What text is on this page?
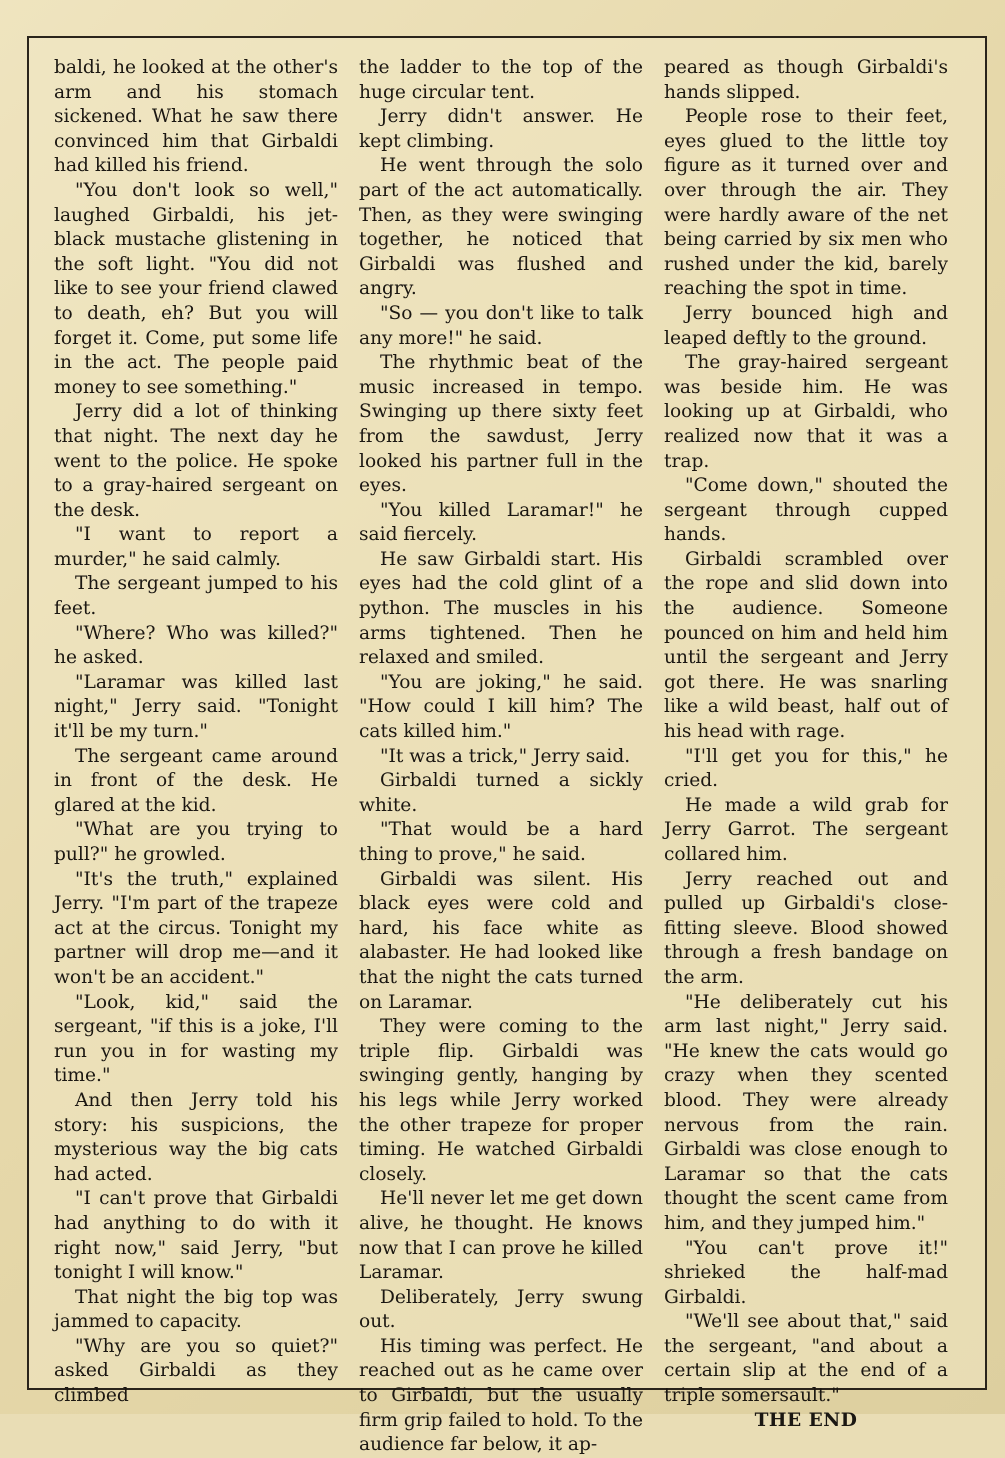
baldi, he looked at the other's arm and his stomach sickened. What he saw there convinced him that Girbaldi had killed his friend.

"You don't look so well," laughed Girbaldi, his jet-black mustache glistening in the soft light. "You did not like to see your friend clawed to death, eh? But you will forget it. Come, put some life in the act. The people paid money to see something."

Jerry did a lot of thinking that night. The next day he went to the police. He spoke to a gray-haired sergeant on the desk.

"I want to report a murder," he said calmly.

The sergeant jumped to his feet.

"Where? Who was killed?" he asked.

"Laramar was killed last night," Jerry said. "Tonight it'll be my turn."

The sergeant came around in front of the desk. He glared at the kid.

"What are you trying to pull?" he growled.

"It's the truth," explained Jerry. "I'm part of the trapeze act at the circus. Tonight my partner will drop me—and it won't be an accident."

"Look, kid," said the sergeant, "if this is a joke, I'll run you in for wasting my time."

And then Jerry told his story: his suspicions, the mysterious way the big cats had acted.

"I can't prove that Girbaldi had anything to do with it right now," said Jerry, "but tonight I will know."

That night the big top was jammed to capacity.

"Why are you so quiet?" asked Girbaldi as they climbed

the ladder to the top of the huge circular tent.

Jerry didn't answer. He kept climbing.

He went through the solo part of the act automatically. Then, as they were swinging together, he noticed that Girbaldi was flushed and angry.

"So — you don't like to talk any more!" he said.

The rhythmic beat of the music increased in tempo. Swinging up there sixty feet from the sawdust, Jerry looked his partner full in the eyes.

"You killed Laramar!" he said fiercely.

He saw Girbaldi start. His eyes had the cold glint of a python. The muscles in his arms tightened. Then he relaxed and smiled.

"You are joking," he said. "How could I kill him? The cats killed him."

"It was a trick," Jerry said.

Girbaldi turned a sickly white.

"That would be a hard thing to prove," he said.

Girbaldi was silent. His black eyes were cold and hard, his face white as alabaster. He had looked like that the night the cats turned on Laramar.

They were coming to the triple flip. Girbaldi was swinging gently, hanging by his legs while Jerry worked the other trapeze for proper timing. He watched Girbaldi closely.

He'll never let me get down alive, he thought. He knows now that I can prove he killed Laramar.

Deliberately, Jerry swung out.

His timing was perfect. He reached out as he came over to Girbaldi, but the usually firm grip failed to hold. To the audience far below, it ap-

peared as though Girbaldi's hands slipped.

People rose to their feet, eyes glued to the little toy figure as it turned over and over through the air. They were hardly aware of the net being carried by six men who rushed under the kid, barely reaching the spot in time.

Jerry bounced high and leaped deftly to the ground.

The gray-haired sergeant was beside him. He was looking up at Girbaldi, who realized now that it was a trap.

"Come down," shouted the sergeant through cupped hands.

Girbaldi scrambled over the rope and slid down into the audience. Someone pounced on him and held him until the sergeant and Jerry got there. He was snarling like a wild beast, half out of his head with rage.

"I'll get you for this," he cried.

He made a wild grab for Jerry Garrot. The sergeant collared him.

Jerry reached out and pulled up Girbaldi's close-fitting sleeve. Blood showed through a fresh bandage on the arm.

"He deliberately cut his arm last night," Jerry said. "He knew the cats would go crazy when they scented blood. They were already nervous from the rain. Girbaldi was close enough to Laramar so that the cats thought the scent came from him, and they jumped him."

"You can't prove it!" shrieked the half-mad Girbaldi.

"We'll see about that," said the sergeant, "and about a certain slip at the end of a triple somersault."

THE END
